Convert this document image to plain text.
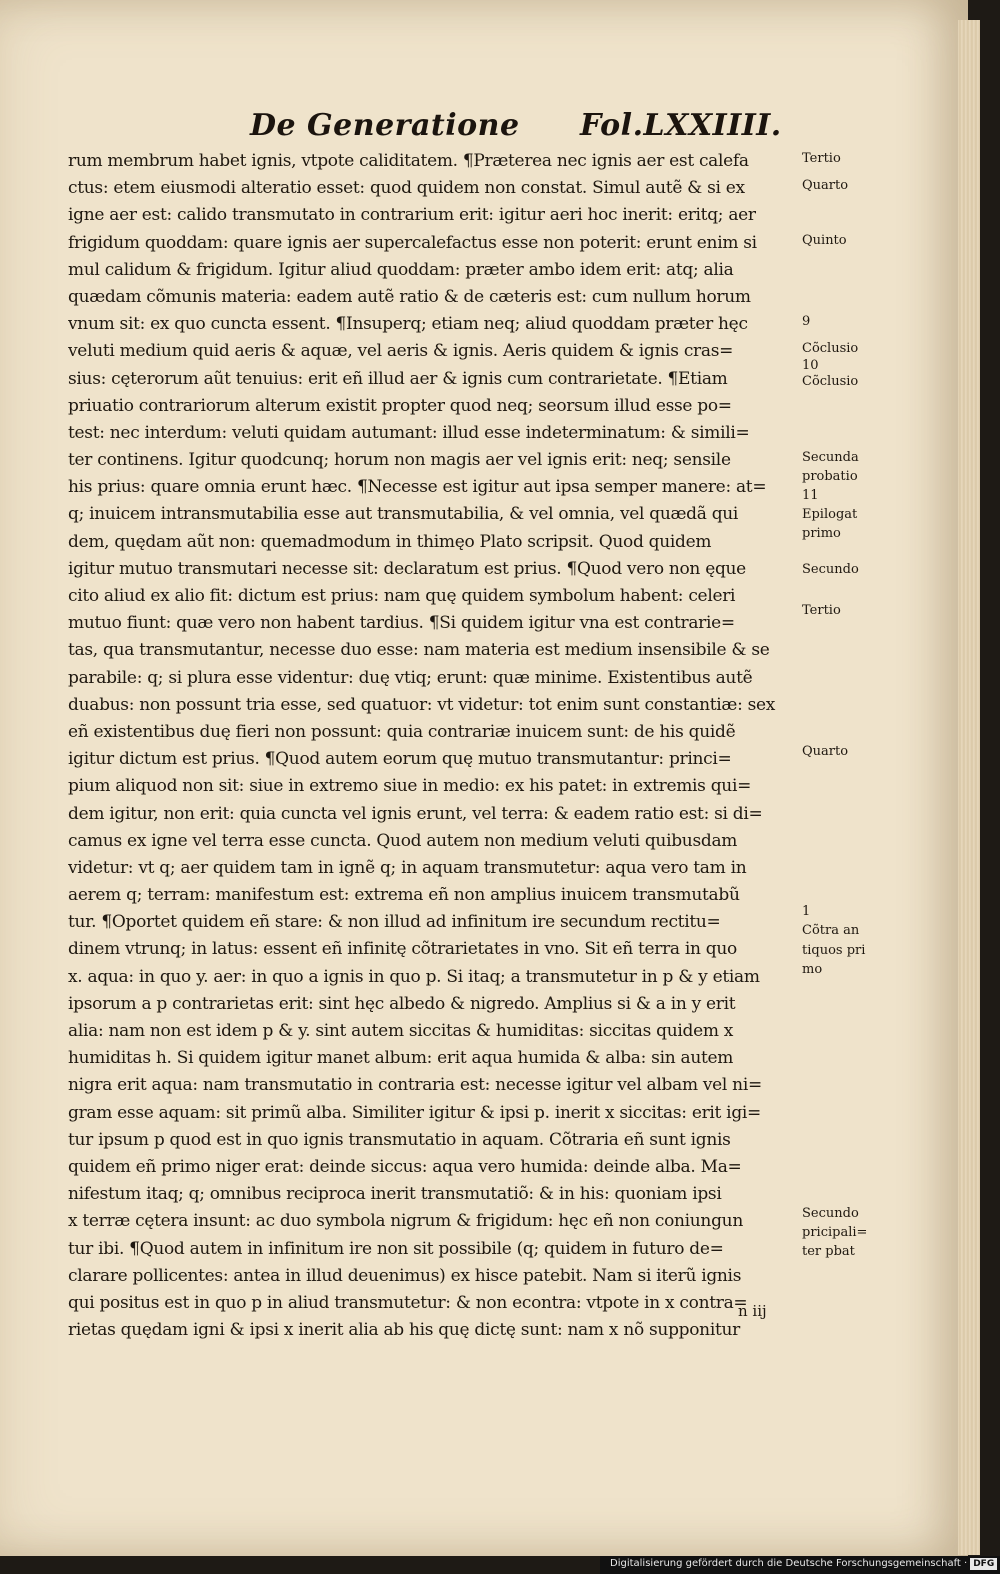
De Generatione Fol.LXXIIII.
rum membrum habet ignis, vtpote caliditatem. ¶Præterea nec ignis aer est calefa
ctus: etem eiusmodi alteratio esset: quod quidem non constat. Simul autẽ & si ex
igne aer est: calido transmutato in contrarium erit: igitur aeri hoc inerit: eritq; aer
frigidum quoddam: quare ignis aer supercalefactus esse non poterit: erunt enim si
mul calidum & frigidum. Igitur aliud quoddam: præter ambo idem erit: atq; alia
quædam cõmunis materia: eadem autẽ ratio & de cæteris est: cum nullum horum
vnum sit: ex quo cuncta essent. ¶Insuperq; etiam neq; aliud quoddam præter hęc
veluti medium quid aeris & aquæ, vel aeris & ignis. Aeris quidem & ignis cras=
sius: cęterorum aũt tenuius: erit eñ illud aer & ignis cum contrarietate. ¶Etiam
priuatio contrariorum alterum existit propter quod neq; seorsum illud esse po=
test: nec interdum: veluti quidam autumant: illud esse indeterminatum: & simili=
ter continens. Igitur quodcunq; horum non magis aer vel ignis erit: neq; sensile
his prius: quare omnia erunt hæc. ¶Necesse est igitur aut ipsa semper manere: at=
q; inuicem intransmutabilia esse aut transmutabilia, & vel omnia, vel quædã qui
dem, quędam aũt non: quemadmodum in thimęo Plato scripsit. Quod quidem
igitur mutuo transmutari necesse sit: declaratum est prius. ¶Quod vero non ęque
cito aliud ex alio fit: dictum est prius: nam quę quidem symbolum habent: celeri
mutuo fiunt: quæ vero non habent tardius. ¶Si quidem igitur vna est contrarie=
tas, qua transmutantur, necesse duo esse: nam materia est medium insensibile & se
parabile: q; si plura esse videntur: duę vtiq; erunt: quæ minime. Existentibus autẽ
duabus: non possunt tria esse, sed quatuor: vt videtur: tot enim sunt constantiæ: sex
eñ existentibus duę fieri non possunt: quia contrariæ inuicem sunt: de his quidẽ
igitur dictum est prius. ¶Quod autem eorum quę mutuo transmutantur: princi=
pium aliquod non sit: siue in extremo siue in medio: ex his patet: in extremis qui=
dem igitur, non erit: quia cuncta vel ignis erunt, vel terra: & eadem ratio est: si di=
camus ex igne vel terra esse cuncta. Quod autem non medium veluti quibusdam
videtur: vt q; aer quidem tam in ignẽ q; in aquam transmutetur: aqua vero tam in
aerem q; terram: manifestum est: extrema eñ non amplius inuicem transmutabũ
tur. ¶Oportet quidem eñ stare: & non illud ad infinitum ire secundum rectitu=
dinem vtrunq; in latus: essent eñ infinitę cõtrarietates in vno. Sit eñ terra in quo
x. aqua: in quo y. aer: in quo a ignis in quo p. Si itaq; a transmutetur in p & y etiam
ipsorum a p contrarietas erit: sint hęc albedo & nigredo. Amplius si & a in y erit
alia: nam non est idem p & y. sint autem siccitas & humiditas: siccitas quidem x
humiditas h. Si quidem igitur manet album: erit aqua humida & alba: sin autem
nigra erit aqua: nam transmutatio in contraria est: necesse igitur vel albam vel ni=
gram esse aquam: sit primũ alba. Similiter igitur & ipsi p. inerit x siccitas: erit igi=
tur ipsum p quod est in quo ignis transmutatio in aquam. Cõtraria eñ sunt ignis
quidem eñ primo niger erat: deinde siccus: aqua vero humida: deinde alba. Ma=
nifestum itaq; q; omnibus reciproca inerit transmutatiõ: & in his: quoniam ipsi
x terræ cętera insunt: ac duo symbola nigrum & frigidum: hęc eñ non coniungun
tur ibi. ¶Quod autem in infinitum ire non sit possibile (q; quidem in futuro de=
clarare pollicentes: antea in illud deuenimus) ex hisce patebit. Nam si iterũ ignis
qui positus est in quo p in aliud transmutetur: & non econtra: vtpote in x contra=
rietas quędam igni & ipsi x inerit alia ab his quę dictę sunt: nam x nõ supponitur
Tertio
Quarto
Quinto
9
Cõclusio
10
Cõclusio
Secunda
probatio
11
Epilogat
primo
Secundo
Tertio
Quarto
1
Cõtra an
tiquos pri
mo
Secundo
pricipali=
ter pbat
n iij
Digitalisierung gefördert durch die Deutsche Forschungsgemeinschaft · DFG
